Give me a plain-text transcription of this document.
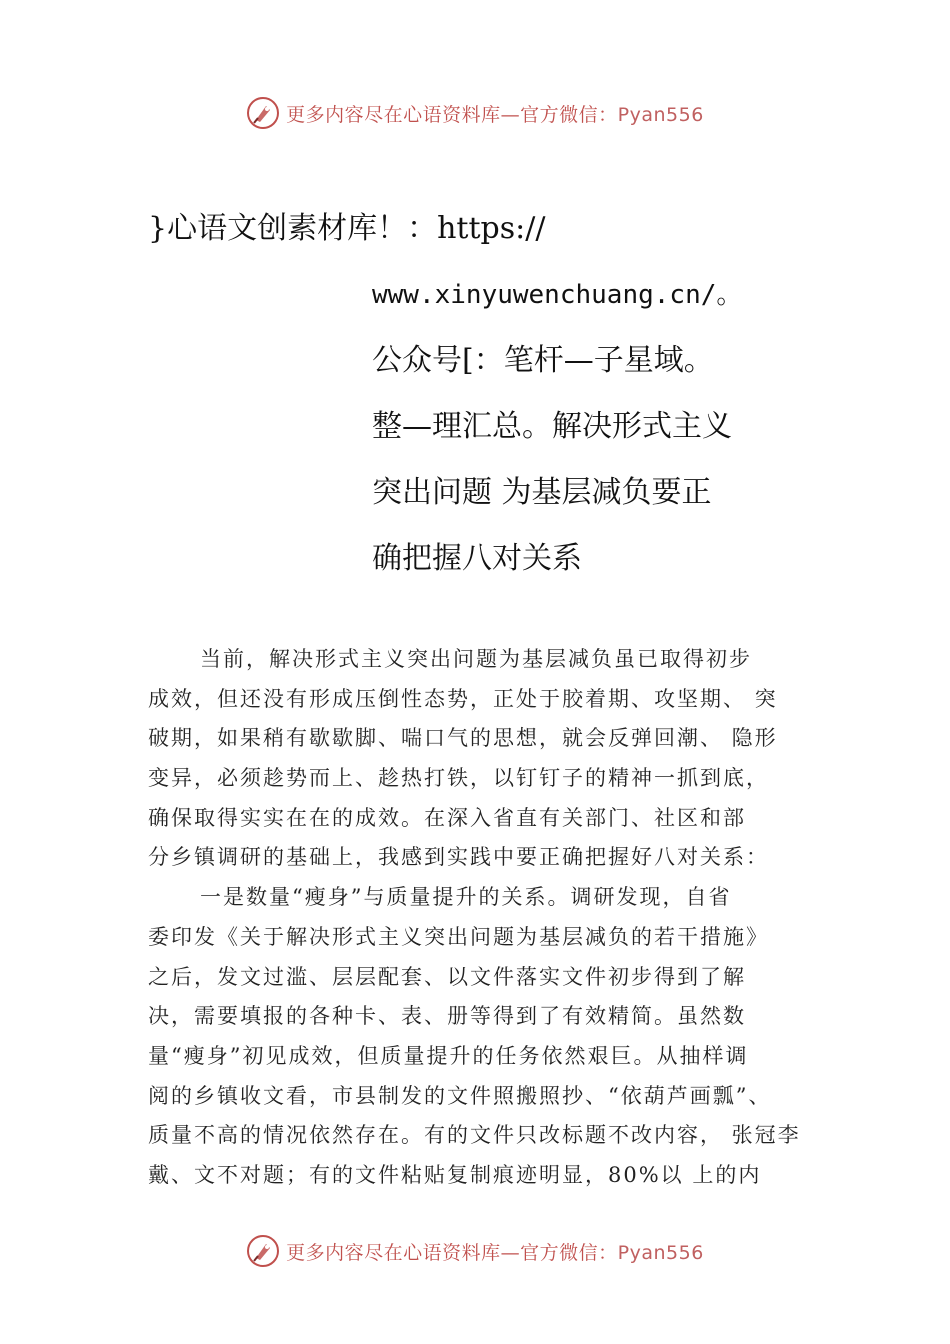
更多内容尽在心语资料库—官方微信：Pyan556
}心语文创素材库！：https://
www.xinyuwenchuang.cn/。
公众号[：笔杆—子星域。
整—理汇总。解决形式主义
突出问题 为基层减负要正
确把握八对关系
当前，解决形式主义突出问题为基层减负虽已取得初步
成效，但还没有形成压倒性态势，正处于胶着期、攻坚期、 突
破期，如果稍有歇歇脚、喘口气的思想，就会反弹回潮、 隐形
变异，必须趁势而上、趁热打铁，以钉钉子的精神一抓到底，
确保取得实实在在的成效。在深入省直有关部门、社区和部
分乡镇调研的基础上，我感到实践中要正确把握好八对关系：
一是数量“瘦身”与质量提升的关系。调研发现，自省
委印发《关于解决形式主义突出问题为基层减负的若干措施》
之后，发文过滥、层层配套、以文件落实文件初步得到了解
决，需要填报的各种卡、表、册等得到了有效精简。虽然数
量“瘦身”初见成效，但质量提升的任务依然艰巨。从抽样调
阅的乡镇收文看，市县制发的文件照搬照抄、“依葫芦画瓢”、
质量不高的情况依然存在。有的文件只改标题不改内容， 张冠李
戴、文不对题；有的文件粘贴复制痕迹明显，80%以 上的内
更多内容尽在心语资料库—官方微信：Pyan556
